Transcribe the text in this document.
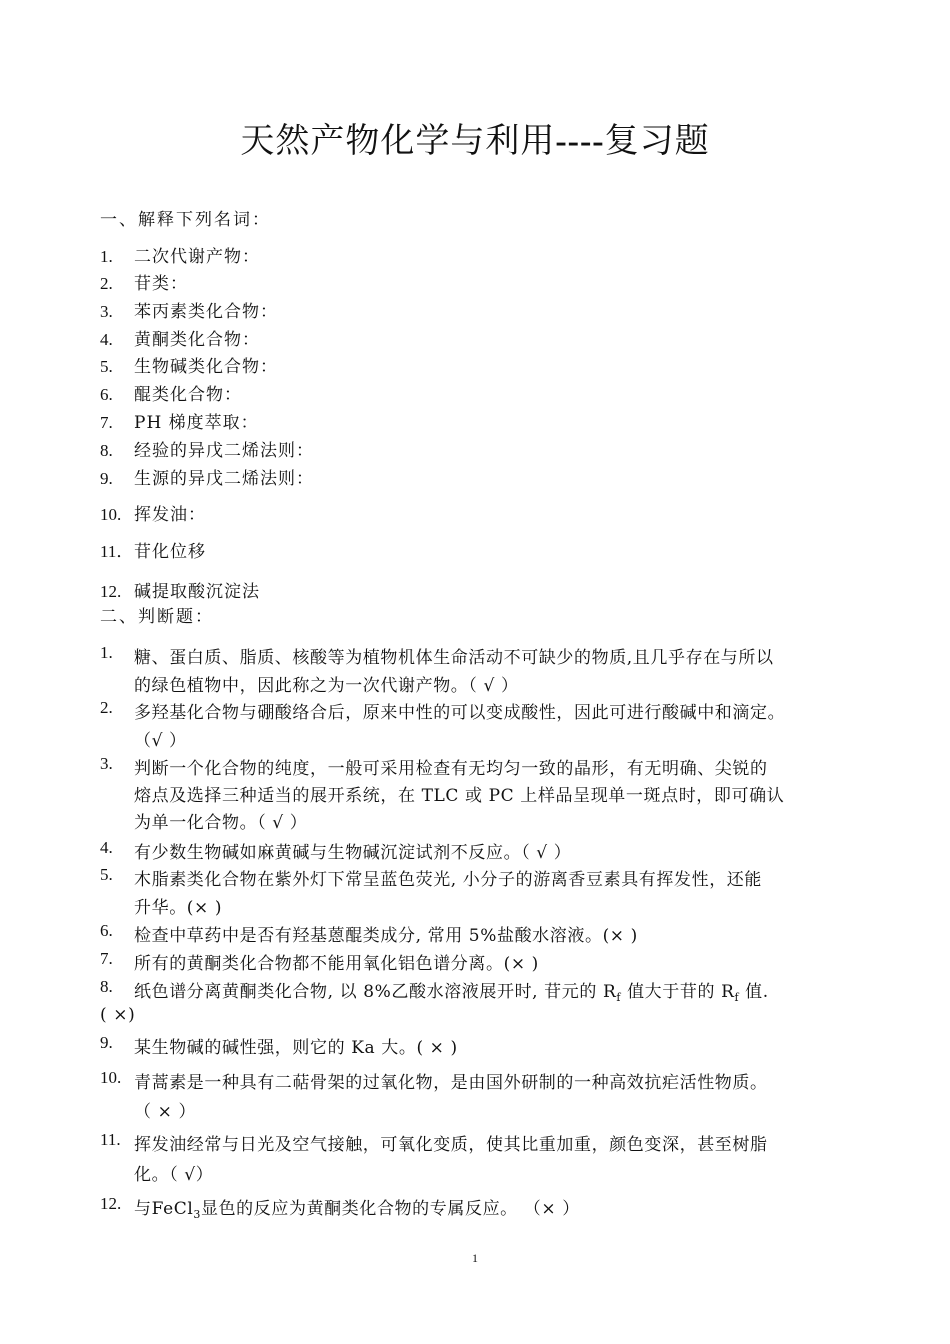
天然产物化学与利用----复习题
一、解释下列名词：
1. 二次代谢产物：
2. 苷类：
3. 苯丙素类化合物：
4. 黄酮类化合物：
5. 生物碱类化合物：
6. 醌类化合物：
7. PH 梯度萃取：
8. 经验的异戊二烯法则：
9. 生源的异戊二烯法则：
10. 挥发油：
11．苷化位移
12. 碱提取酸沉淀法
二、判断题：
1.	糖、蛋白质、脂质、核酸等为植物机体生命活动不可缺少的物质,且几乎存在与所以
的绿色植物中，因此称之为一次代谢产物。（ √ ）
2.	多羟基化合物与硼酸络合后，原来中性的可以变成酸性，因此可进行酸碱中和滴定。
（√ ）
3.	判断一个化合物的纯度，一般可采用检查有无均匀一致的晶形，有无明确、尖锐的
熔点及选择三种适当的展开系统，在 TLC 或 PC 上样品呈现单一斑点时，即可确认
为单一化合物。（ √ ）
4.	有少数生物碱如麻黄碱与生物碱沉淀试剂不反应。（ √ ）
5.	木脂素类化合物在紫外灯下常呈蓝色荧光, 小分子的游离香豆素具有挥发性，还能
升华。(× )
6.	检查中草药中是否有羟基蒽醌类成分, 常用 5%盐酸水溶液。(× )
7.	所有的黄酮类化合物都不能用氧化铝色谱分离。(× )
8.	纸色谱分离黄酮类化合物, 以 8%乙酸水溶液展开时, 苷元的 $R_f$ 值大于苷的 $R_f$ 值.
( ×)
9.	某生物碱的碱性强，则它的 Ka 大。( × )
10. 青蒿素是一种具有二萜骨架的过氧化物，是由国外研制的一种高效抗疟活性物质。
（ × ）
11. 挥发油经常与日光及空气接触，可氧化变质，使其比重加重，颜色变深，甚至树脂
化。（ √）
12. 与FeCl$_3$显色的反应为黄酮类化合物的专属反应。 （× ）
1
